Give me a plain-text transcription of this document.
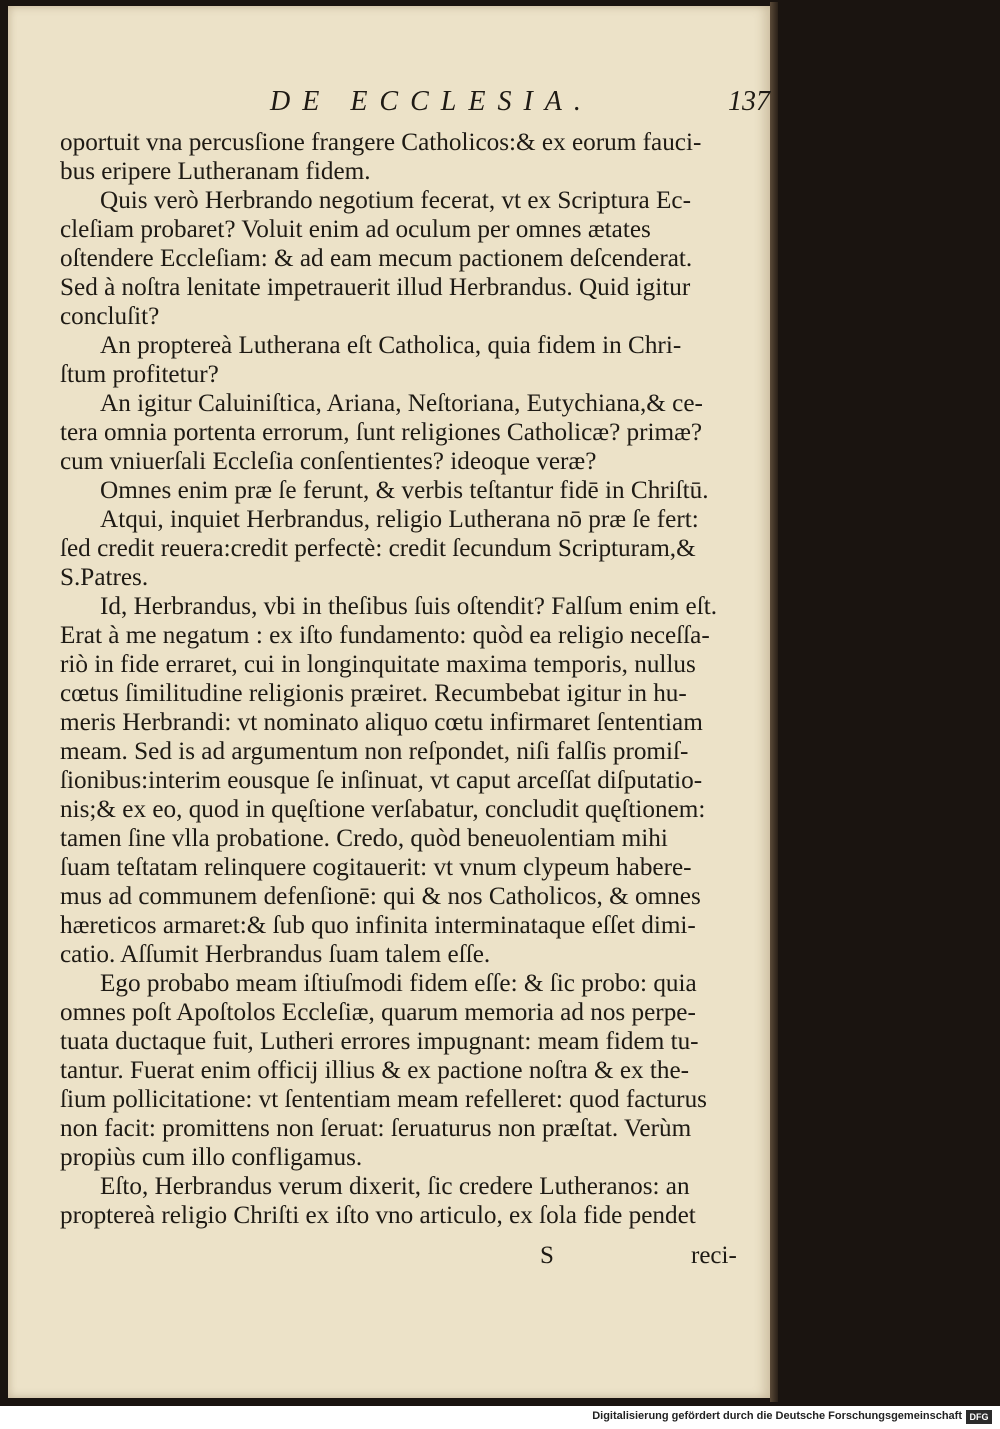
DE ECCLESIA.	137
oportuit vna percusſione frangere Catholicos:& ex eorum fauci-
bus eripere Lutheranam fidem.
Quis verò Herbrando negotium fecerat, vt ex Scriptura Ec-
cleſiam probaret? Voluit enim ad oculum per omnes ætates
oſtendere Eccleſiam: & ad eam mecum pactionem deſcenderat.
Sed à noſtra lenitate impetrauerit illud Herbrandus. Quid igitur
concluſit?
An proptereà Lutherana eſt Catholica, quia fidem in Chri-
ſtum profitetur?
An igitur Caluiniſtica, Ariana, Neſtoriana, Eutychiana,& ce-
tera omnia portenta errorum, ſunt religiones Catholicæ? primæ?
cum vniuerſali Eccleſia conſentientes? ideoque veræ?
Omnes enim præ ſe ferunt, & verbis teſtantur fidē in Chriſtū.
Atqui, inquiet Herbrandus, religio Lutherana nō præ ſe fert:
ſed credit reuera:credit perfectè: credit ſecundum Scripturam,&
S.Patres.
Id, Herbrandus, vbi in theſibus ſuis oſtendit? Falſum enim eſt.
Erat à me negatum : ex iſto fundamento: quòd ea religio neceſſa-
riò in fide erraret, cui in longinquitate maxima temporis, nullus
cœtus ſimilitudine religionis præiret. Recumbebat igitur in hu-
meris Herbrandi: vt nominato aliquo cœtu infirmaret ſententiam
meam. Sed is ad argumentum non reſpondet, niſi falſis promiſ-
ſionibus:interim eousque ſe inſinuat, vt caput arceſſat diſputatio-
nis;& ex eo, quod in quęſtione verſabatur, concludit quęſtionem:
tamen ſine vlla probatione. Credo, quòd beneuolentiam mihi
ſuam teſtatam relinquere cogitauerit: vt vnum clypeum habere-
mus ad communem defenſionē: qui & nos Catholicos, & omnes
hæreticos armaret:& ſub quo infinita interminataque eſſet dimi-
catio. Aſſumit Herbrandus ſuam talem eſſe.
Ego probabo meam iſtiuſmodi fidem eſſe: & ſic probo: quia
omnes poſt Apoſtolos Eccleſiæ, quarum memoria ad nos perpe-
tuata ductaque fuit, Lutheri errores impugnant: meam fidem tu-
tantur. Fuerat enim officij illius & ex pactione noſtra & ex the-
ſium pollicitatione: vt ſententiam meam refelleret: quod facturus
non facit: promittens non ſeruat: ſeruaturus non præſtat. Verùm
propiùs cum illo confligamus.
Eſto, Herbrandus verum dixerit, ſic credere Lutheranos: an
proptereà religio Chriſti ex iſto vno articulo, ex ſola fide pendet
S	reci-
Digitalisierung gefördert durch die Deutsche Forschungsgemeinschaft DFG
